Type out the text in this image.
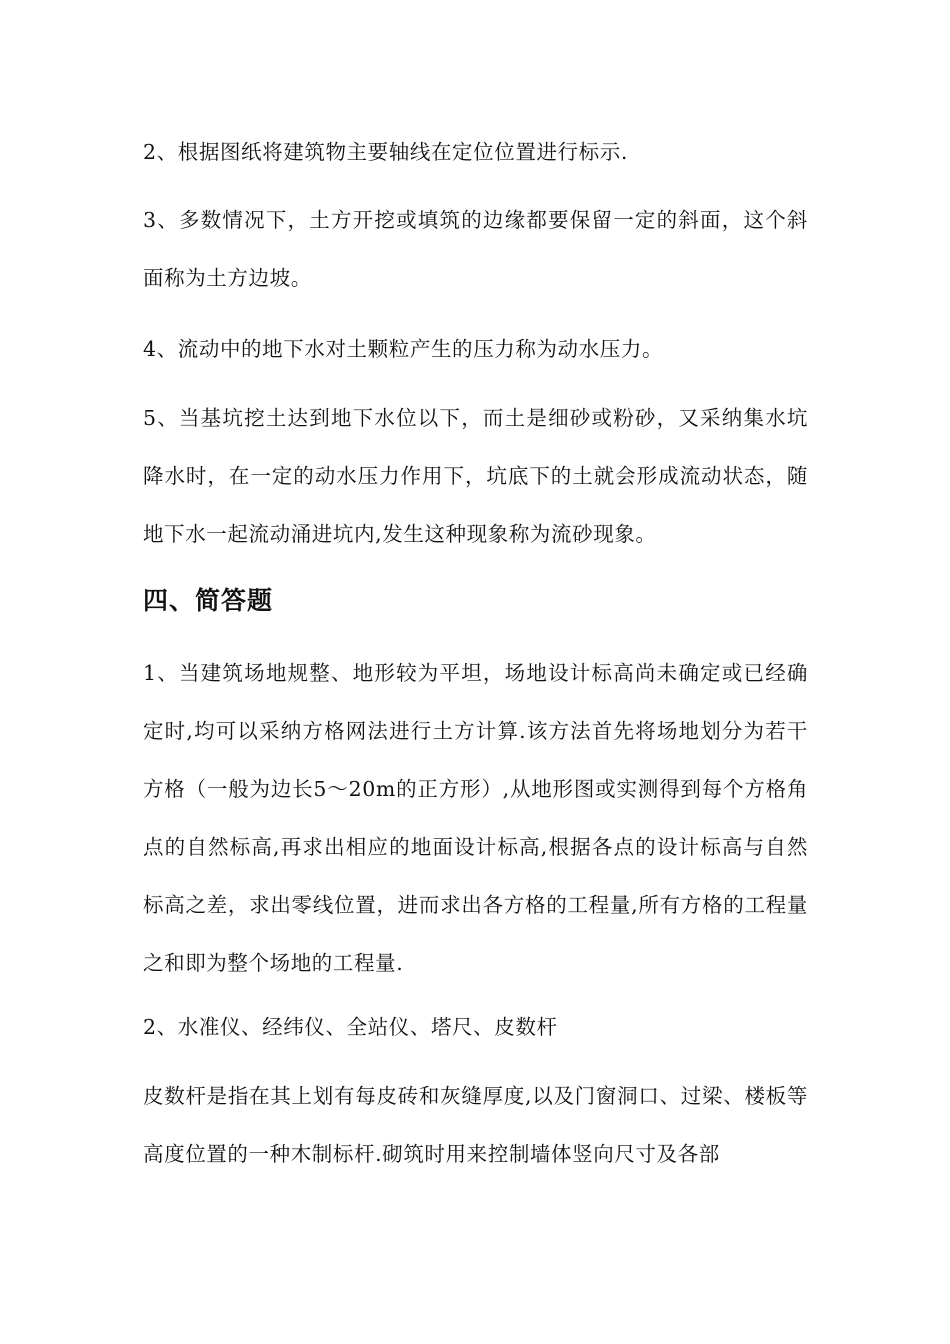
2、根据图纸将建筑物主要轴线在定位位置进行标示.

3、多数情况下，土方开挖或填筑的边缘都要保留一定的斜面，这个斜面称为土方边坡。

4、流动中的地下水对土颗粒产生的压力称为动水压力。

5、当基坑挖土达到地下水位以下，而土是细砂或粉砂，又采纳集水坑降水时，在一定的动水压力作用下，坑底下的土就会形成流动状态，随地下水一起流动涌进坑内,发生这种现象称为流砂现象。

四、简答题

1、当建筑场地规整、地形较为平坦，场地设计标高尚未确定或已经确定时,均可以采纳方格网法进行土方计算.该方法首先将场地划分为若干方格（一般为边长5～20m的正方形）,从地形图或实测得到每个方格角点的自然标高,再求出相应的地面设计标高,根据各点的设计标高与自然标高之差，求出零线位置，进而求出各方格的工程量,所有方格的工程量之和即为整个场地的工程量.

2、水准仪、经纬仪、全站仪、塔尺、皮数杆

皮数杆是指在其上划有每皮砖和灰缝厚度,以及门窗洞口、过梁、楼板等高度位置的一种木制标杆.砌筑时用来控制墙体竖向尺寸及各部
